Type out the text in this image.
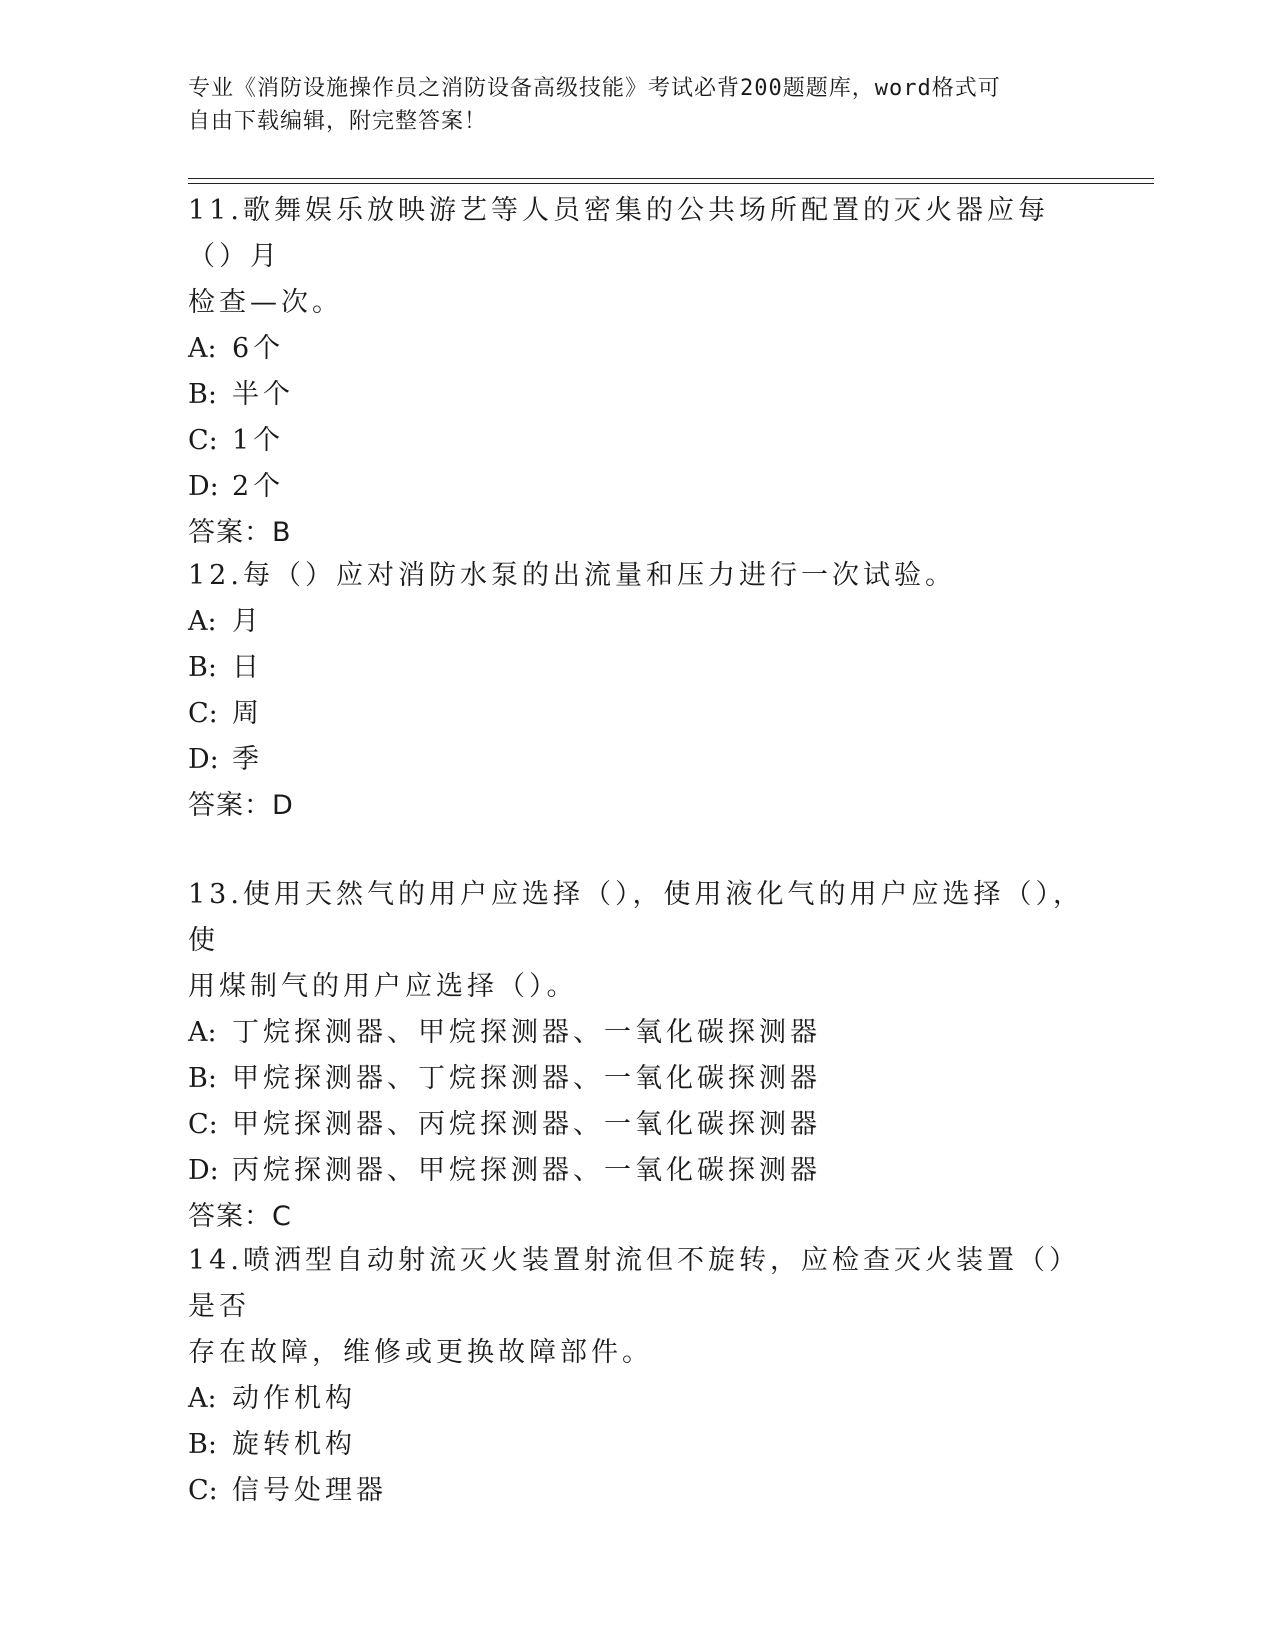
专业《消防设施操作员之消防设备高级技能》考试必背200题题库，word格式可
自由下载编辑，附完整答案！

11.歌舞娱乐放映游艺等人员密集的公共场所配置的灭火器应每（）月
检查—次。

A: 6个

B: 半个

C: 1个

D: 2个

答案：B

12.每（）应对消防水泵的出流量和压力进行一次试验。

A: 月

B: 日

C: 周

D: 季

答案：D

13.使用天然气的用户应选择（），使用液化气的用户应选择（），使
用煤制气的用户应选择（）。

A: 丁烷探测器、甲烷探测器、一氧化碳探测器

B: 甲烷探测器、丁烷探测器、一氧化碳探测器

C: 甲烷探测器、丙烷探测器、一氧化碳探测器

D: 丙烷探测器、甲烷探测器、一氧化碳探测器

答案：C

14.喷洒型自动射流灭火装置射流但不旋转，应检查灭火装置（）是否
存在故障，维修或更换故障部件。

A: 动作机构

B: 旋转机构

C: 信号处理器
